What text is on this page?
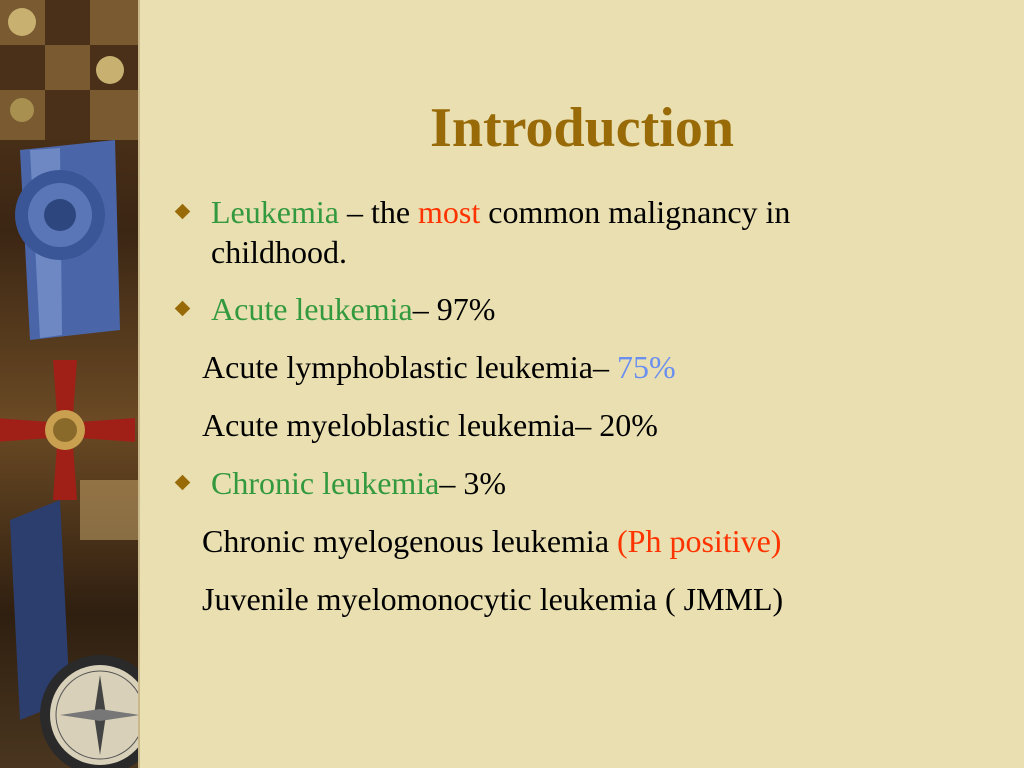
Introduction
Leukemia – the most common malignancy in
childhood.
Acute leukemia– 97%
Acute lymphoblastic leukemia– 75%
Acute myeloblastic leukemia– 20%
Chronic leukemia– 3%
Chronic myelogenous leukemia (Ph positive)
Juvenile myelomonocytic leukemia ( JMML)
